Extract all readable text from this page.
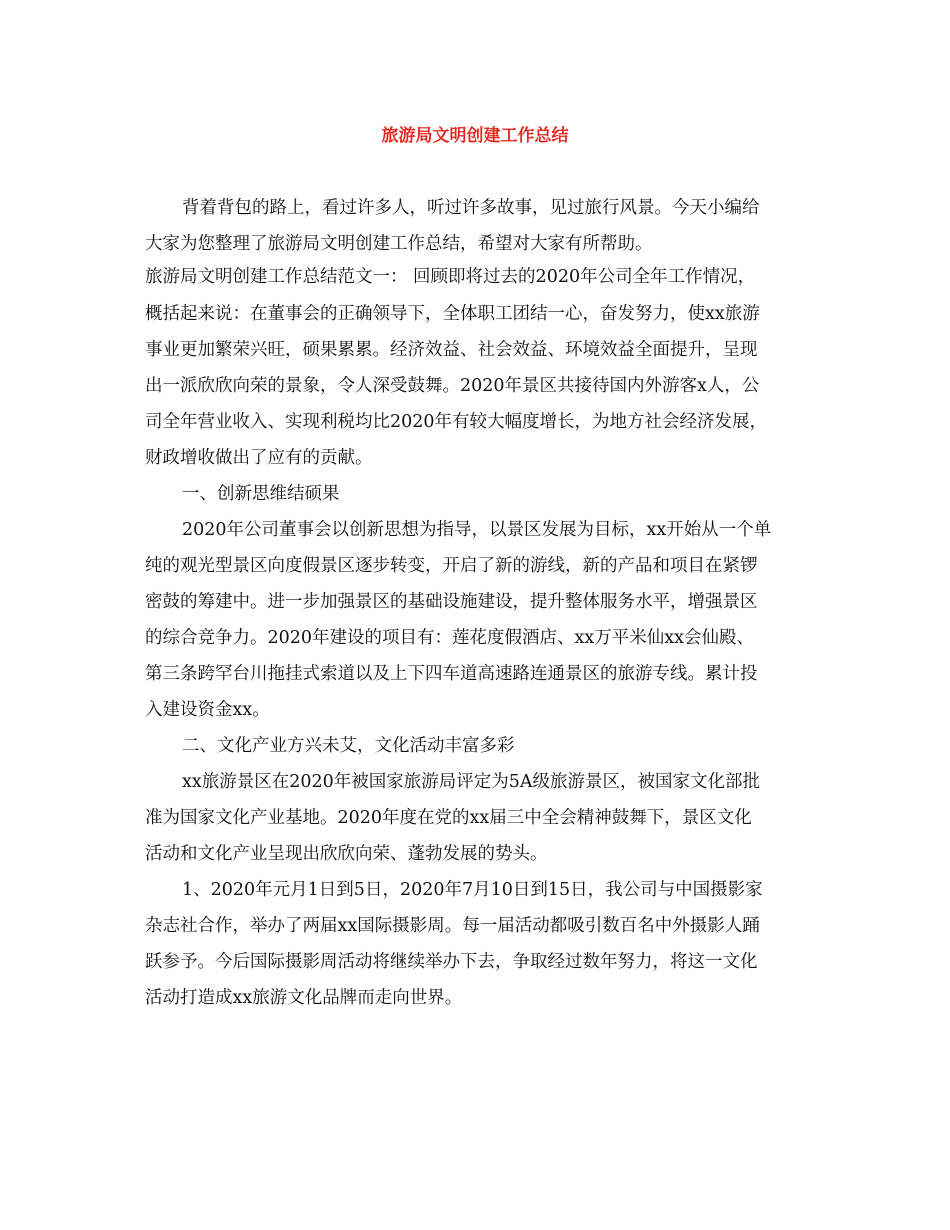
旅游局文明创建工作总结
背着背包的路上，看过许多人，听过许多故事，见过旅行风景。今天小编给
大家为您整理了旅游局文明创建工作总结，希望对大家有所帮助。
旅游局文明创建工作总结范文一： 回顾即将过去的2020年公司全年工作情况，
概括起来说：在董事会的正确领导下，全体职工团结一心，奋发努力，使xx旅游
事业更加繁荣兴旺，硕果累累。经济效益、社会效益、环境效益全面提升，呈现
出一派欣欣向荣的景象，令人深受鼓舞。2020年景区共接待国内外游客x人，公
司全年营业收入、实现利税均比2020年有较大幅度增长，为地方社会经济发展，
财政增收做出了应有的贡献。
一、创新思维结硕果
2020年公司董事会以创新思想为指导，以景区发展为目标，xx开始从一个单
纯的观光型景区向度假景区逐步转变，开启了新的游线，新的产品和项目在紧锣
密鼓的筹建中。进一步加强景区的基础设施建设，提升整体服务水平，增强景区
的综合竞争力。2020年建设的项目有：莲花度假酒店、xx万平米仙xx会仙殿、
第三条跨罕台川拖挂式索道以及上下四车道高速路连通景区的旅游专线。累计投
入建设资金xx。
二、文化产业方兴未艾，文化活动丰富多彩
xx旅游景区在2020年被国家旅游局评定为5A级旅游景区，被国家文化部批
准为国家文化产业基地。2020年度在党的xx届三中全会精神鼓舞下，景区文化
活动和文化产业呈现出欣欣向荣、蓬勃发展的势头。
1、2020年元月1日到5日，2020年7月10日到15日，我公司与中国摄影家
杂志社合作，举办了两届xx国际摄影周。每一届活动都吸引数百名中外摄影人踊
跃参予。今后国际摄影周活动将继续举办下去，争取经过数年努力，将这一文化
活动打造成xx旅游文化品牌而走向世界。
